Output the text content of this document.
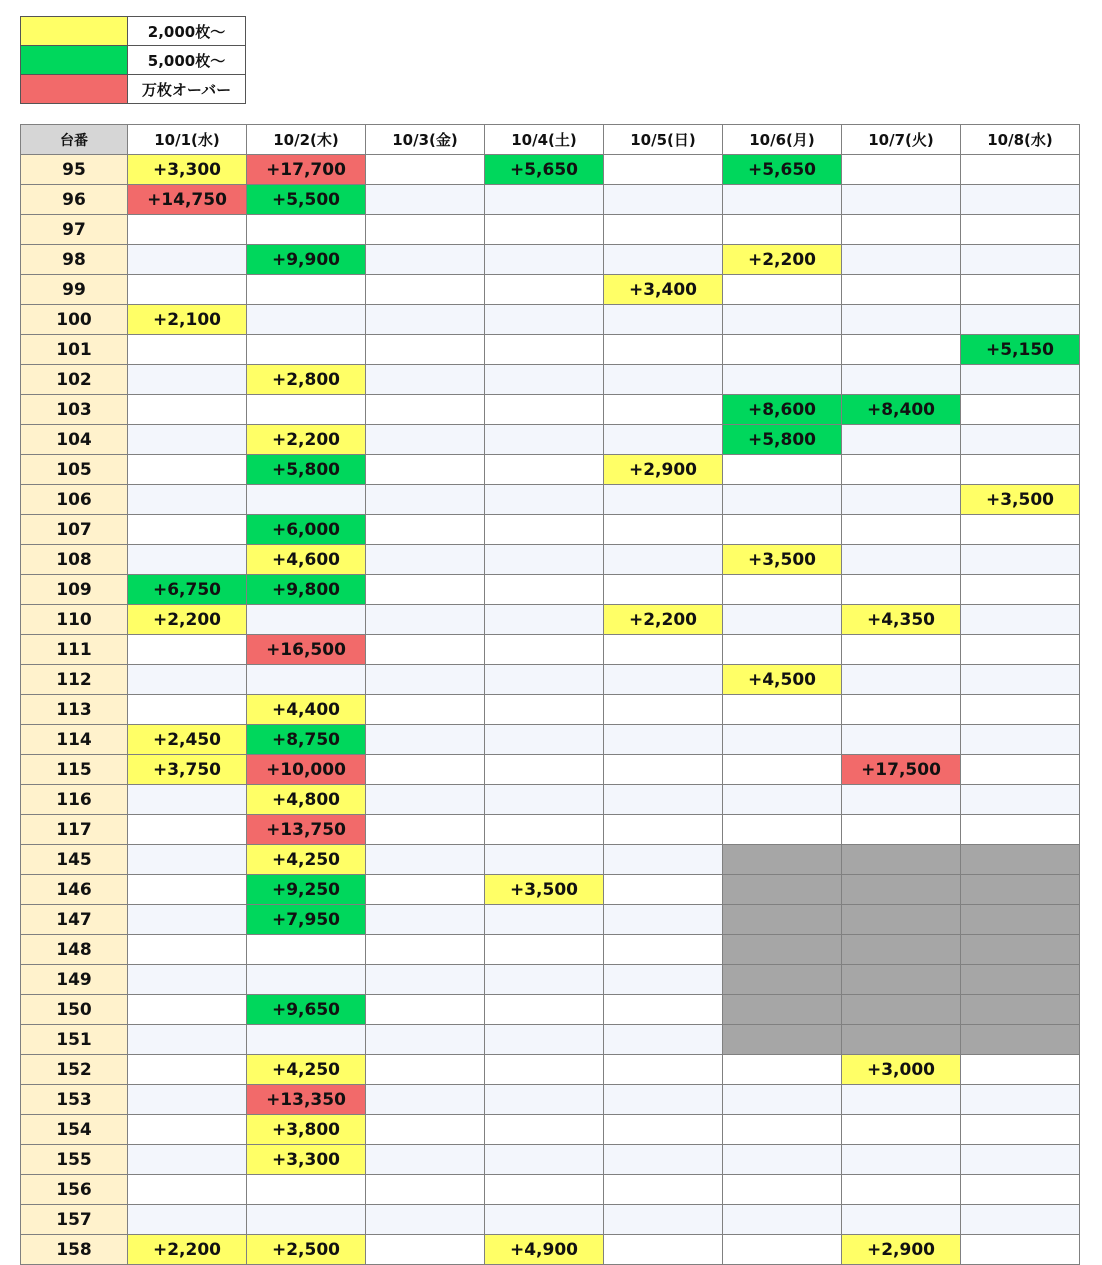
	2,000枚～
	5,000枚～
	万枚オーバー
台番	10/1(水)	10/2(木)	10/3(金)	10/4(土)	10/5(日)	10/6(月)	10/7(火)	10/8(水)
95	+3,300	+17,700		+5,650		+5,650		
96	+14,750	+5,500						
97								
98		+9,900				+2,200		
99					+3,400			
100	+2,100							
101								+5,150
102		+2,800						
103						+8,600	+8,400	
104		+2,200				+5,800		
105		+5,800			+2,900			
106								+3,500
107		+6,000						
108		+4,600				+3,500		
109	+6,750	+9,800						
110	+2,200				+2,200		+4,350	
111		+16,500						
112						+4,500		
113		+4,400						
114	+2,450	+8,750						
115	+3,750	+10,000					+17,500	
116		+4,800						
117		+13,750						
145		+4,250						
146		+9,250		+3,500				
147		+7,950						
148								
149								
150		+9,650						
151								
152		+4,250					+3,000	
153		+13,350						
154		+3,800						
155		+3,300						
156								
157								
158	+2,200	+2,500		+4,900			+2,900	
